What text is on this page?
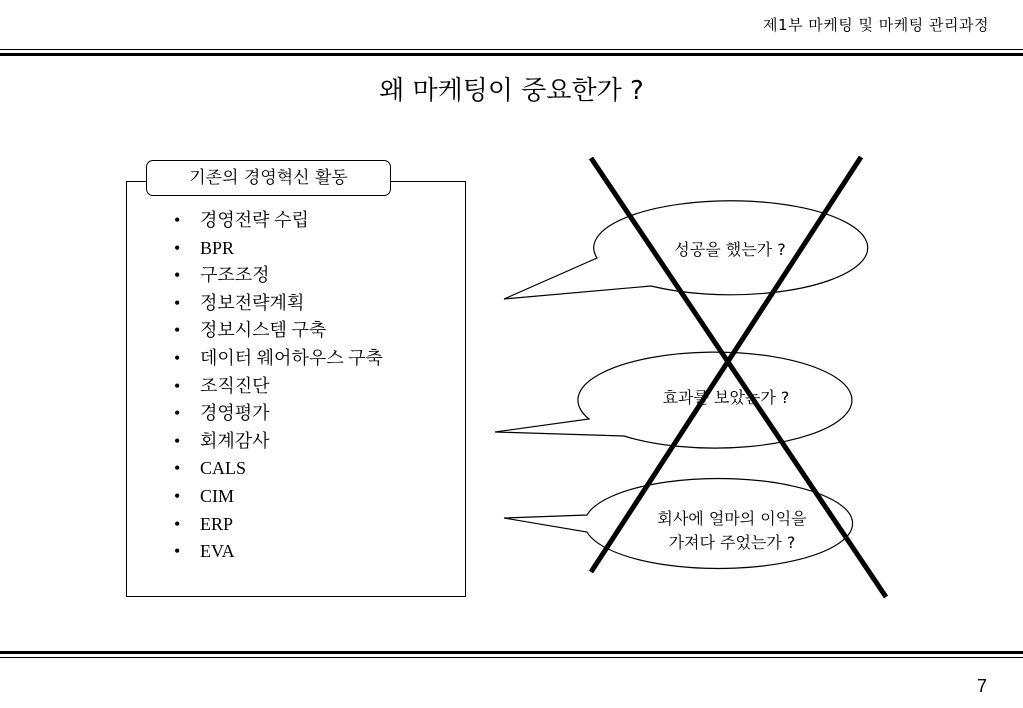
제1부 마케팅 및 마케팅 관리과정
왜 마케팅이 중요한가 ?
기존의 경영혁신 활동
• 경영전략 수립
• BPR
• 구조조정
• 정보전략계획
• 정보시스템 구축
• 데이터 웨어하우스 구축
• 조직진단
• 경영평가
• 회계감사
• CALS
• CIM
• ERP
• EVA
성공을 했는가 ?
효과를 보았는가 ?
회사에 얼마의 이익을
가져다 주었는가 ?
7
